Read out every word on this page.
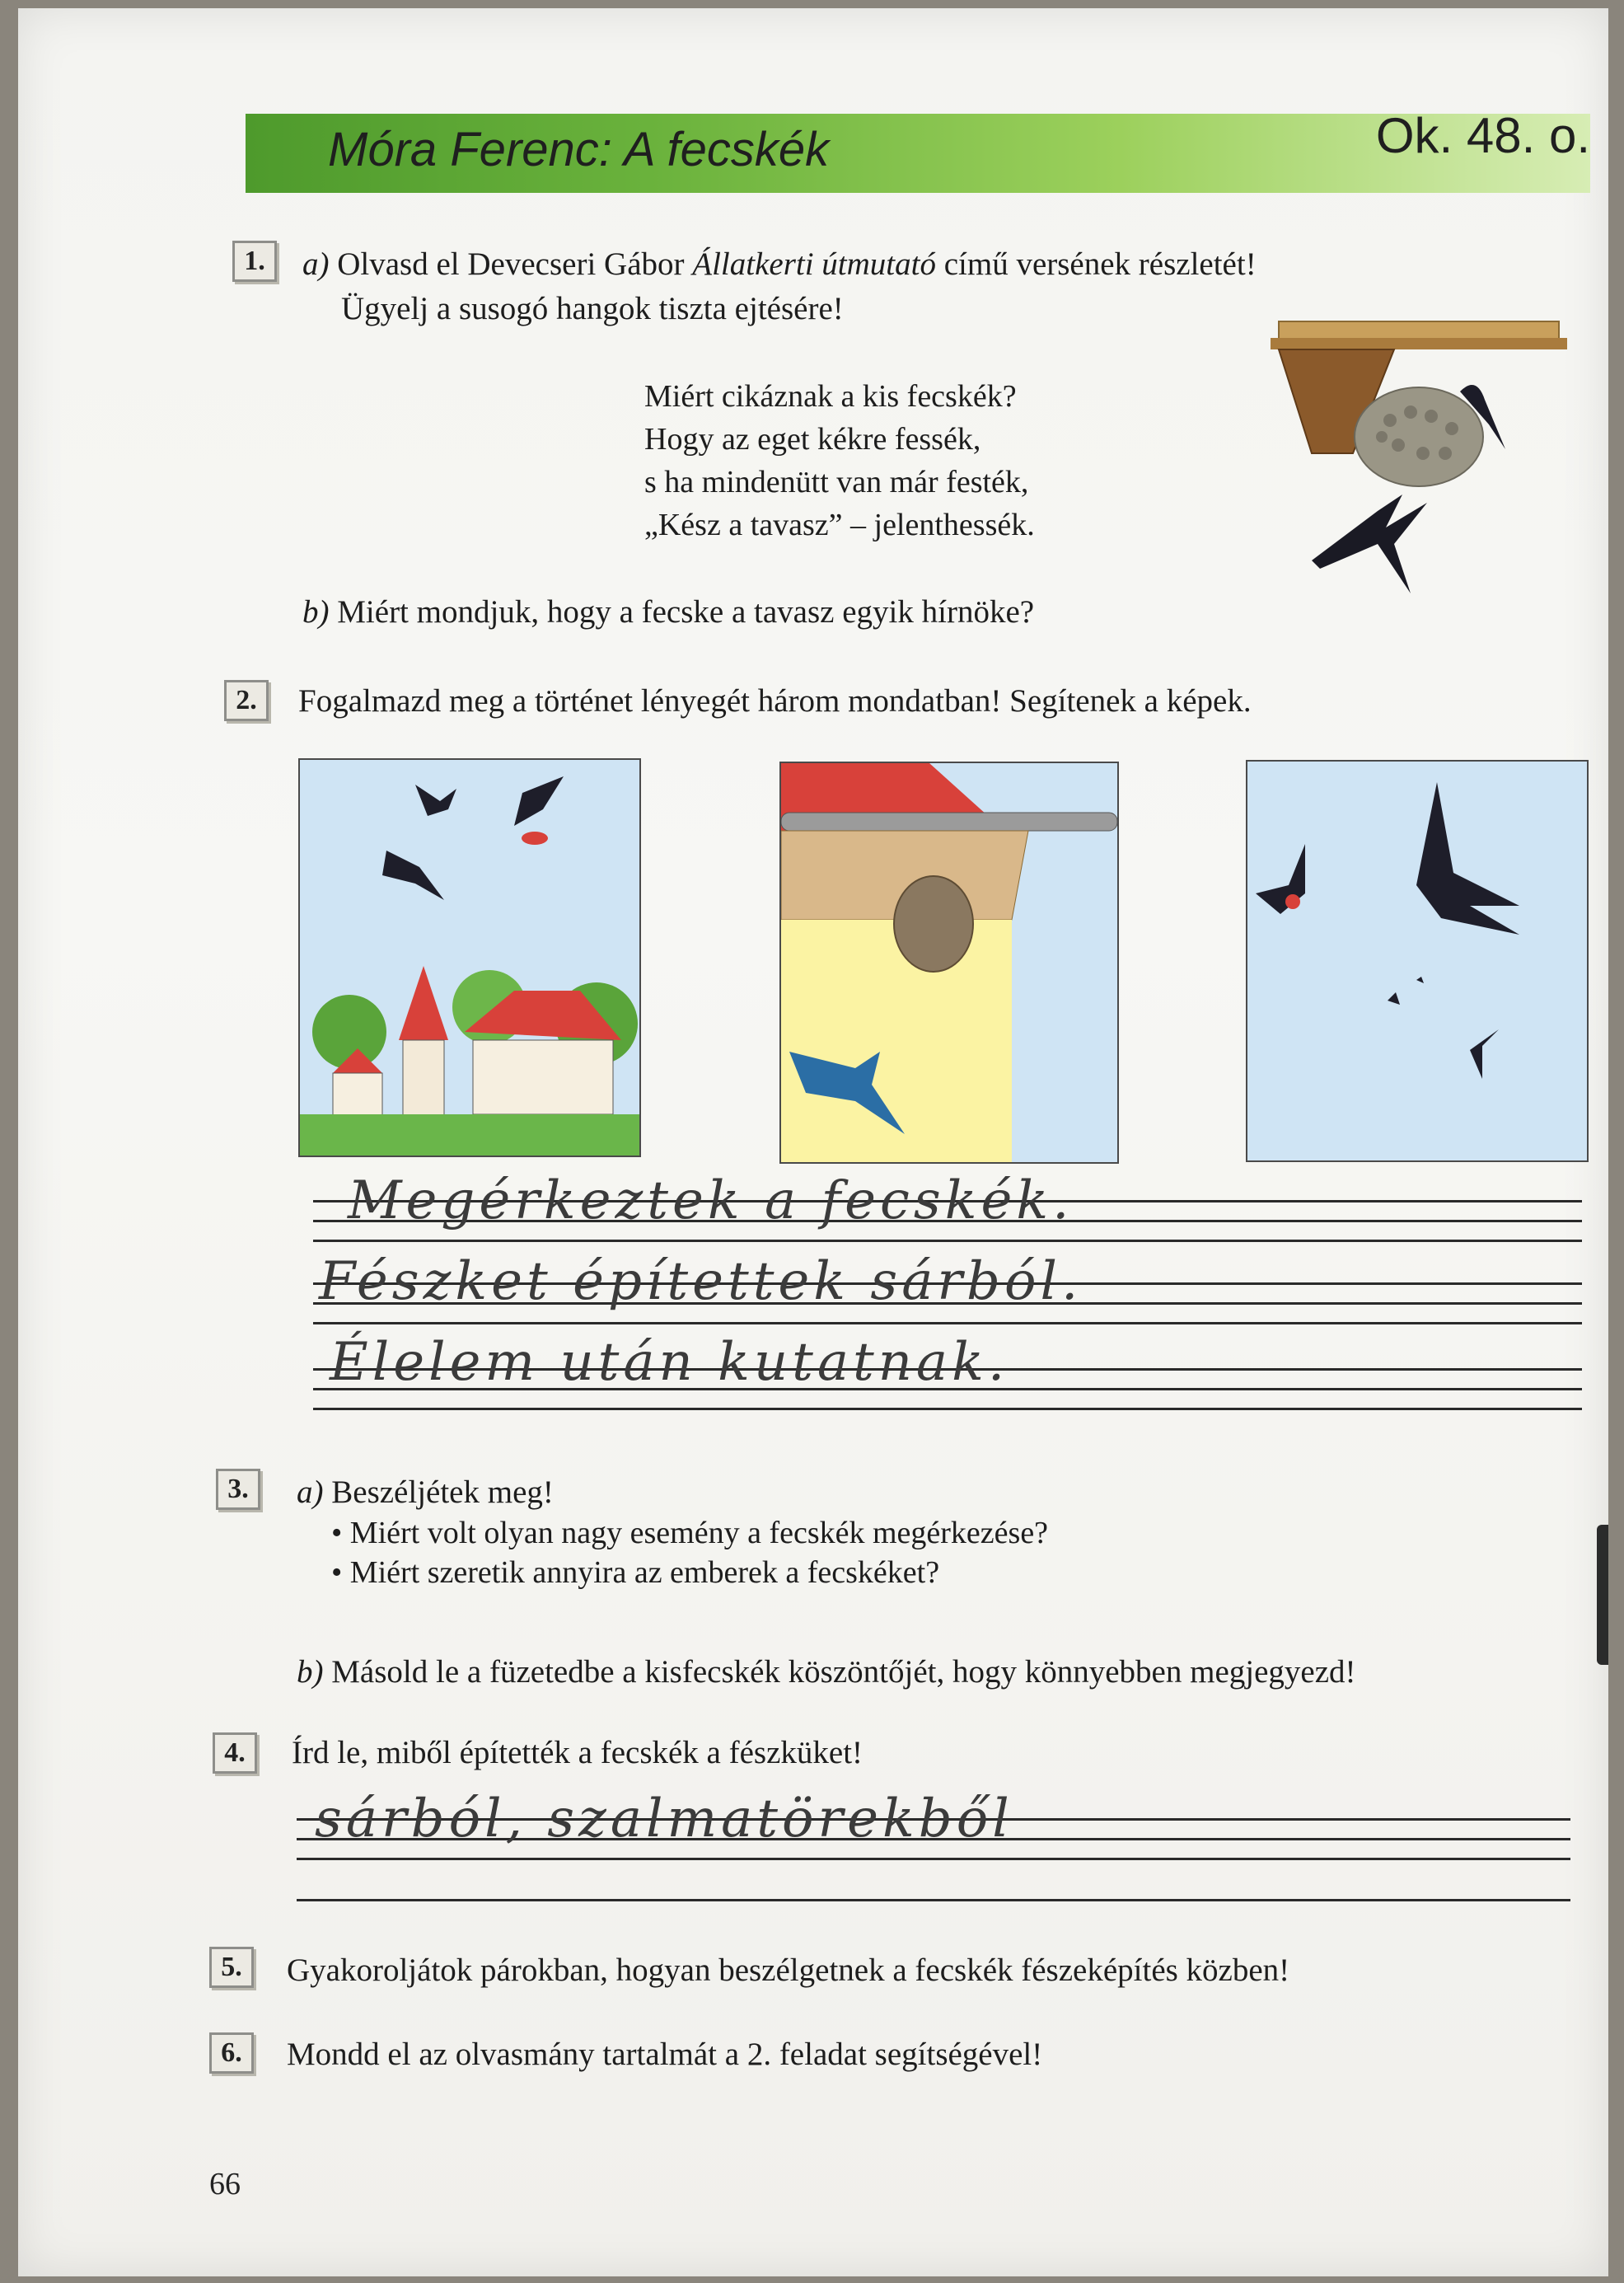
Móra Ferenc: A fecskék	Ok. 48. o.
1.	a) Olvasd el Devecseri Gábor Állatkerti útmutató című versének részletét!
Ügyelj a susogó hangok tiszta ejtésére!
Miért cikáznak a kis fecskék?
Hogy az eget kékre fessék,
s ha mindenütt van már festék,
„Kész a tavasz” – jelenthessék.
b) Miért mondjuk, hogy a fecske a tavasz egyik hírnöke?
2.	Fogalmazd meg a történet lényegét három mondatban! Segítenek a képek.
Megérkeztek a fecskék.
Fészket építettek sárból.
Élelem után kutatnak.
3.	a) Beszéljétek meg!
• Miért volt olyan nagy esemény a fecskék megérkezése?
• Miért szeretik annyira az emberek a fecskéket?
b) Másold le a füzetedbe a kisfecskék köszöntőjét, hogy könnyebben megjegyezd!
4.	Írd le, miből építették a fecskék a fészküket!
sárból, szalmatörekből
5.	Gyakoroljátok párokban, hogyan beszélgetnek a fecskék fészeképítés közben!
6.	Mondd el az olvasmány tartalmát a 2. feladat segítségével!
66
